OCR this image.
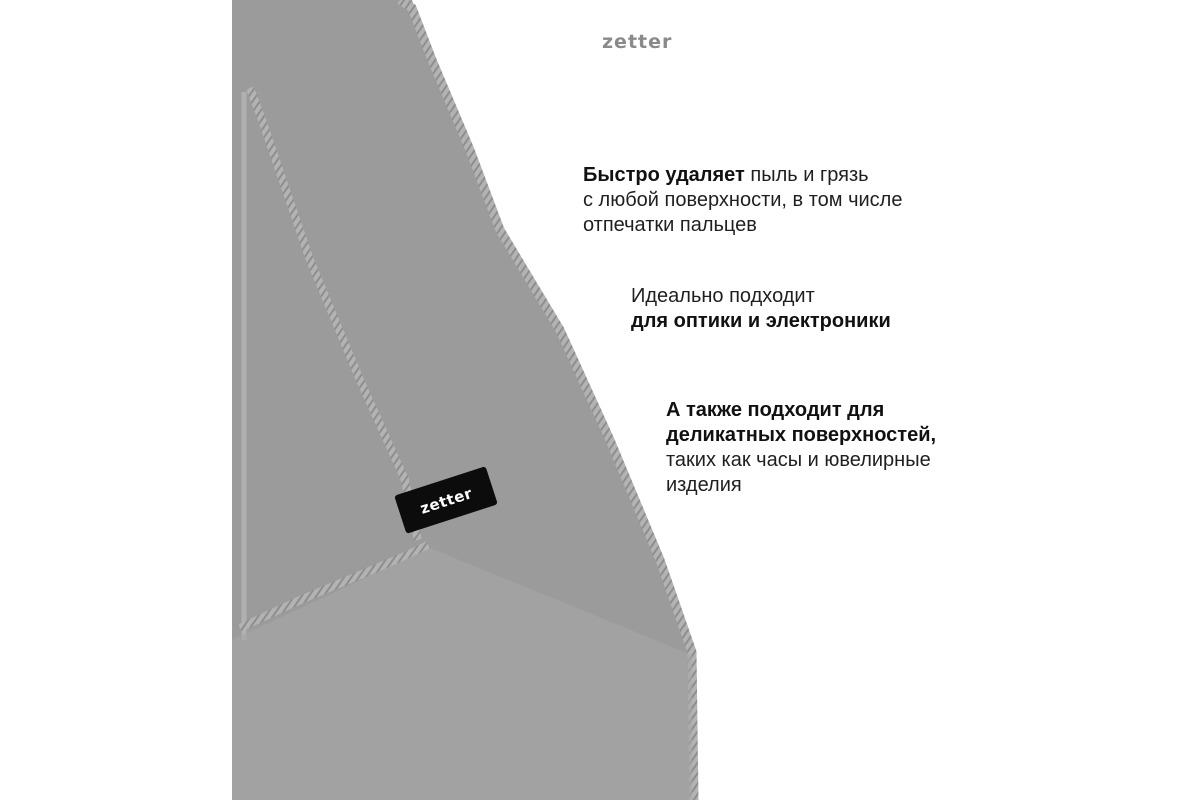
zetter
zetter
Быстро удаляет пыль и грязь
с любой поверхности, в том числе
отпечатки пальцев
Идеально подходит
для оптики и электроники
А также подходит для
деликатных поверхностей,
таких как часы и ювелирные
изделия
